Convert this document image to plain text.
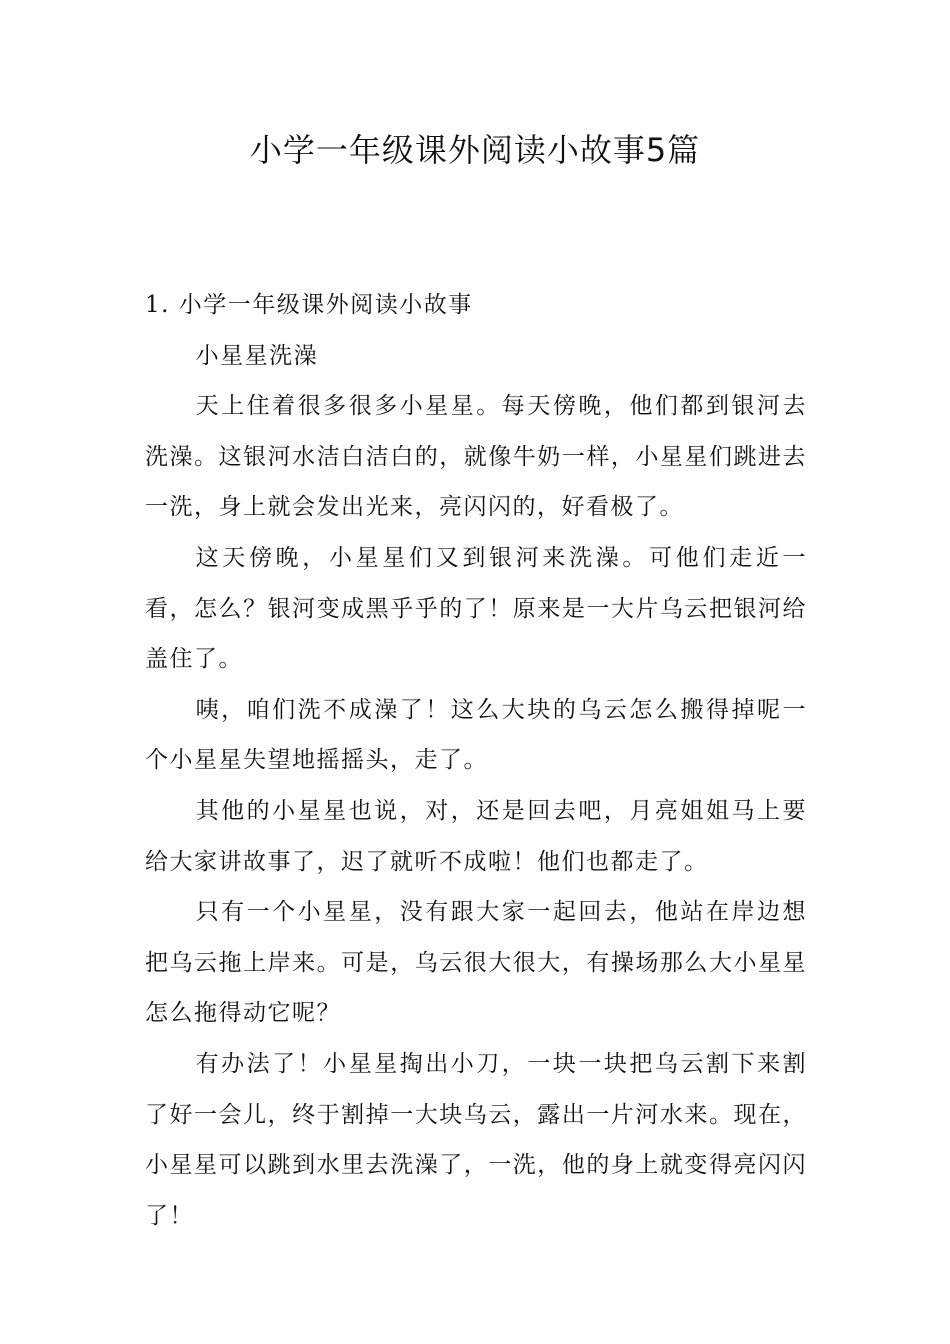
小学一年级课外阅读小故事5篇

1. 小学一年级课外阅读小故事

小星星洗澡

天上住着很多很多小星星。每天傍晚，他们都到银河去洗澡。这银河水洁白洁白的，就像牛奶一样，小星星们跳进去一洗，身上就会发出光来，亮闪闪的，好看极了。

这天傍晚，小星星们又到银河来洗澡。可他们走近一看，怎么？银河变成黑乎乎的了！原来是一大片乌云把银河给盖住了。

咦，咱们洗不成澡了！这么大块的乌云怎么搬得掉呢一个小星星失望地摇摇头，走了。

其他的小星星也说，对，还是回去吧，月亮姐姐马上要给大家讲故事了，迟了就听不成啦！他们也都走了。

只有一个小星星，没有跟大家一起回去，他站在岸边想把乌云拖上岸来。可是，乌云很大很大，有操场那么大小星星怎么拖得动它呢？

有办法了！小星星掏出小刀，一块一块把乌云割下来割了好一会儿，终于割掉一大块乌云，露出一片河水来。现在，小星星可以跳到水里去洗澡了，一洗，他的身上就变得亮闪闪了！
